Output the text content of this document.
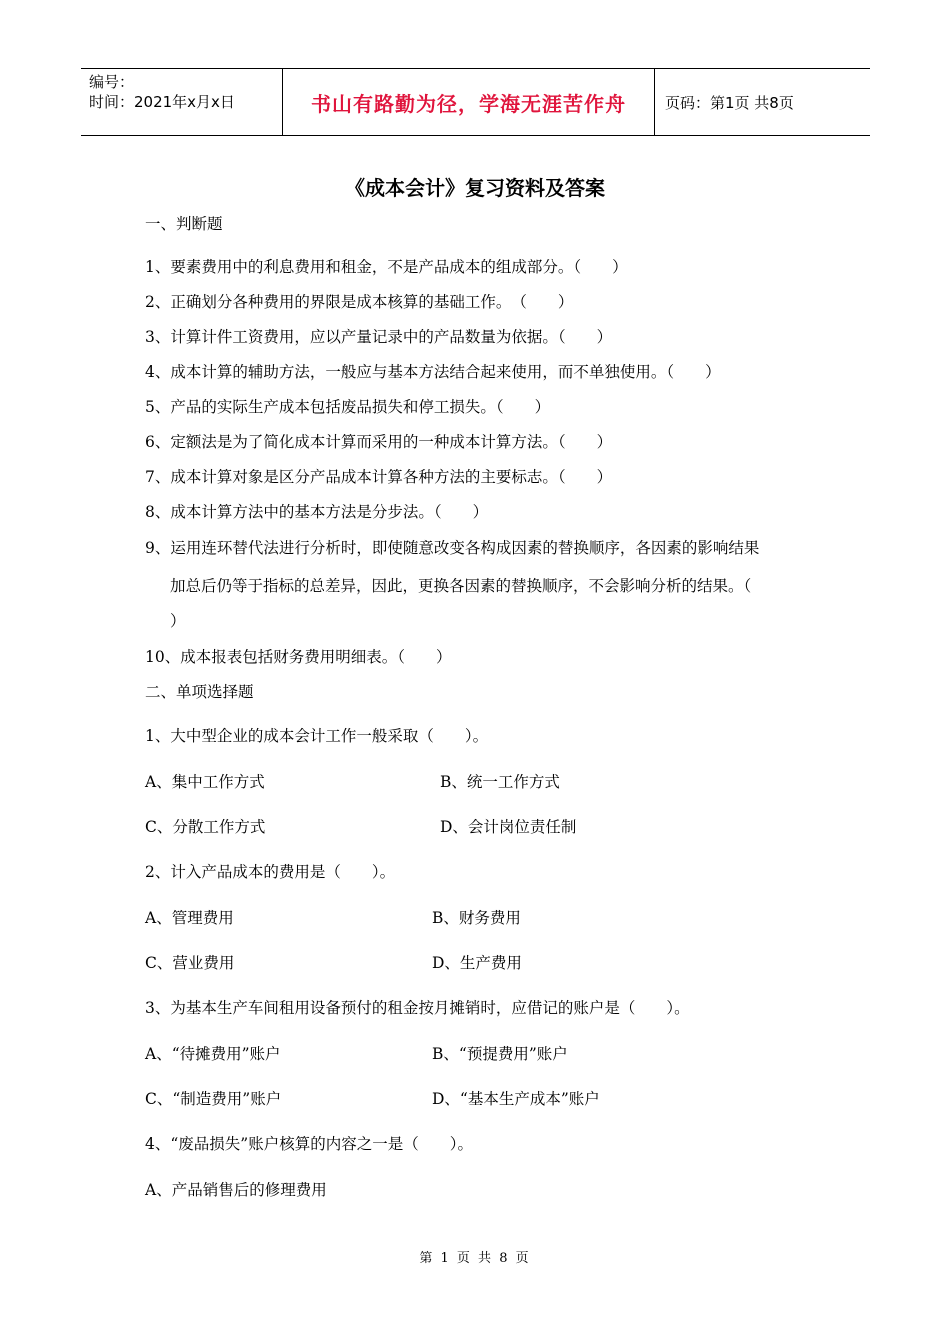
编号：
时间：2021年x月x日	书山有路勤为径，学海无涯苦作舟	页码：第1页 共8页
《成本会计》复习资料及答案
一、判断题
1、要素费用中的利息费用和租金，不是产品成本的组成部分。（　　）
2、正确划分各种费用的界限是成本核算的基础工作。　（　　）
3、计算计件工资费用，应以产量记录中的产品数量为依据。（　　）
4、成本计算的辅助方法，一般应与基本方法结合起来使用，而不单独使用。（　　）
5、产品的实际生产成本包括废品损失和停工损失。（　　）
6、定额法是为了简化成本计算而采用的一种成本计算方法。（　　）
7、成本计算对象是区分产品成本计算各种方法的主要标志。（　　）
8、成本计算方法中的基本方法是分步法。（　　）
9、运用连环替代法进行分析时，即使随意改变各构成因素的替换顺序，各因素的影响结果
加总后仍等于指标的总差异，因此，更换各因素的替换顺序，不会影响分析的结果。（
）
10、成本报表包括财务费用明细表。（　　）
二、单项选择题
1、大中型企业的成本会计工作一般采取（　　）。
A、集中工作方式	B、统一工作方式
C、分散工作方式	D、会计岗位责任制
2、计入产品成本的费用是（　　）。
A、管理费用	B、财务费用
C、营业费用	D、生产费用
3、为基本生产车间租用设备预付的租金按月摊销时，应借记的账户是（　　）。
A、“待摊费用”账户	B、“预提费用”账户
C、“制造费用”账户	D、“基本生产成本”账户
4、“废品损失”账户核算的内容之一是（　　）。
A、产品销售后的修理费用
第 1 页 共 8 页
